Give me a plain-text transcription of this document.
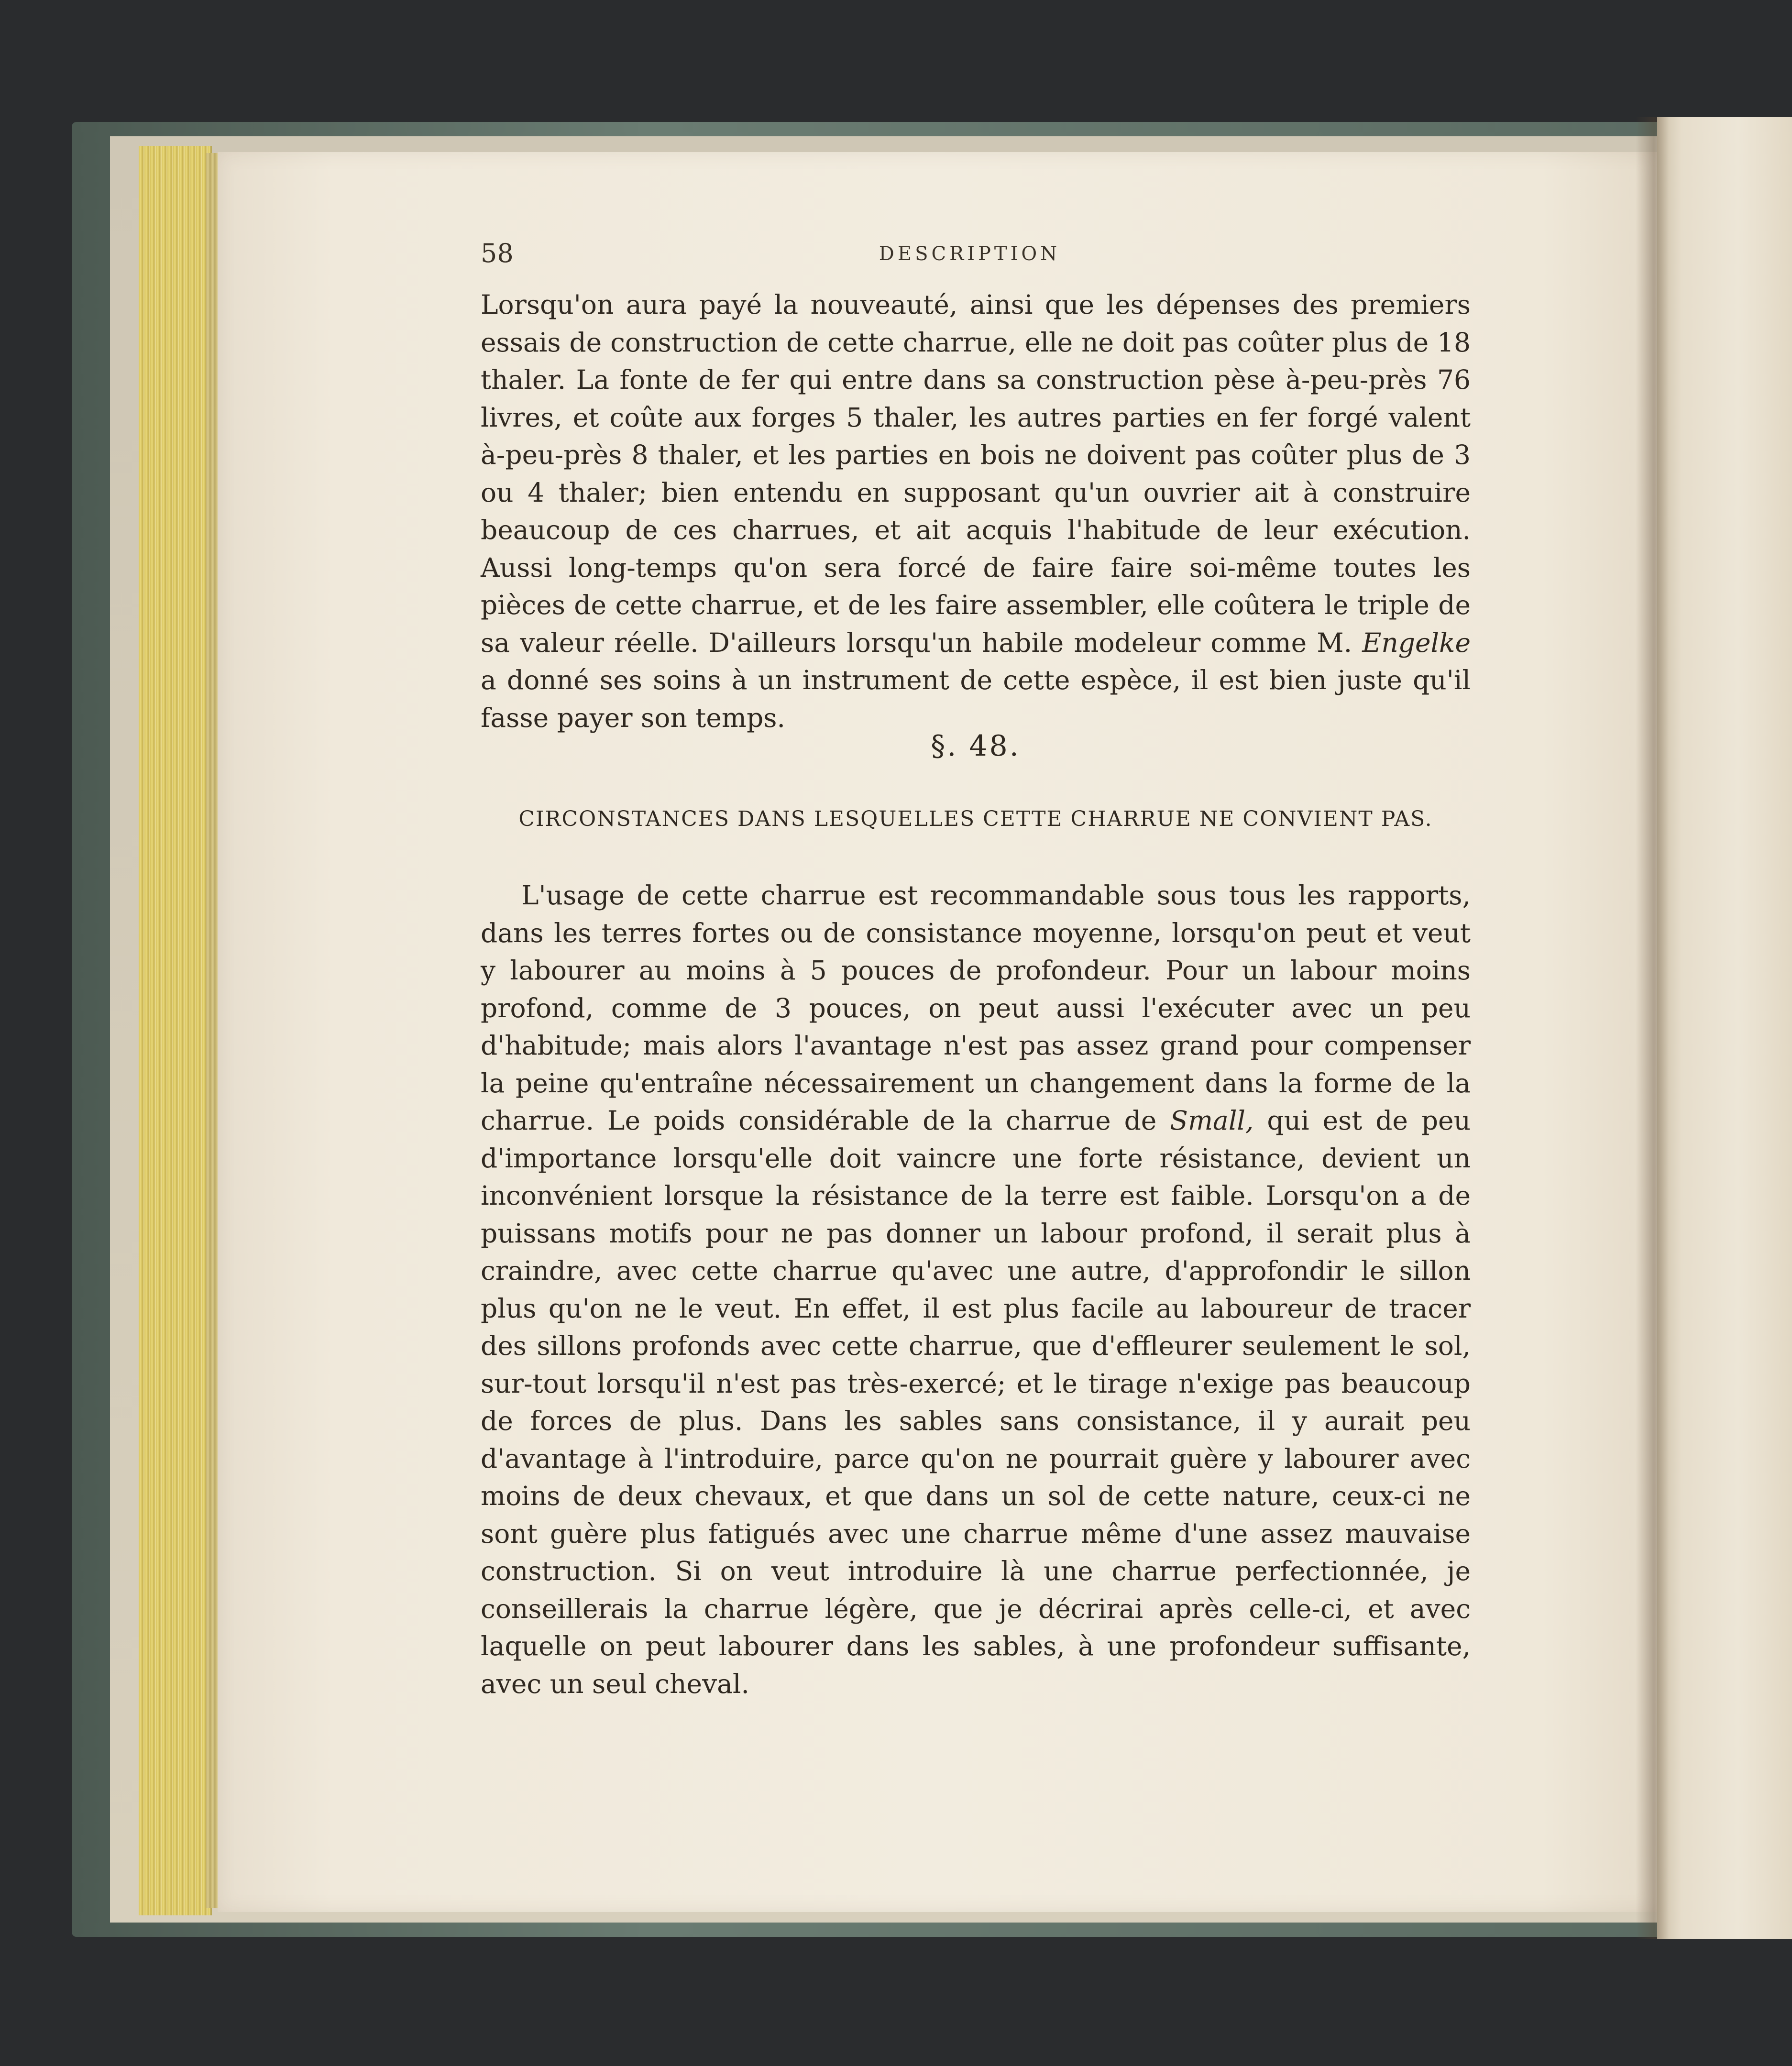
58	DESCRIPTION

Lorsqu'on aura payé la nouveauté, ainsi que les dépenses des premiers essais de construction de cette charrue, elle ne doit pas coûter plus de 18 thaler. La fonte de fer qui entre dans sa construction pèse à-peu-près 76 livres, et coûte aux forges 5 thaler, les autres parties en fer forgé valent à-peu-près 8 thaler, et les parties en bois ne doivent pas coûter plus de 3 ou 4 thaler; bien entendu en supposant qu'un ouvrier ait à construire beaucoup de ces charrues, et ait acquis l'habitude de leur exécution. Aussi long-temps qu'on sera forcé de faire faire soi-même toutes les pièces de cette charrue, et de les faire assembler, elle coûtera le triple de sa valeur réelle. D'ailleurs lorsqu'un habile modeleur comme M. Engelke a donné ses soins à un instrument de cette espèce, il est bien juste qu'il fasse payer son temps.

§. 48.
CIRCONSTANCES DANS LESQUELLES CETTE CHARRUE NE CONVIENT PAS.

L'usage de cette charrue est recommandable sous tous les rapports, dans les terres fortes ou de consistance moyenne, lorsqu'on peut et veut y labourer au moins à 5 pouces de profondeur. Pour un labour moins profond, comme de 3 pouces, on peut aussi l'exécuter avec un peu d'habitude; mais alors l'avantage n'est pas assez grand pour compenser la peine qu'entraîne nécessairement un changement dans la forme de la charrue. Le poids considérable de la charrue de Small, qui est de peu d'importance lorsqu'elle doit vaincre une forte résistance, devient un inconvénient lorsque la résistance de la terre est faible. Lorsqu'on a de puissans motifs pour ne pas donner un labour profond, il serait plus à craindre, avec cette charrue qu'avec une autre, d'approfondir le sillon plus qu'on ne le veut. En effet, il est plus facile au laboureur de tracer des sillons profonds avec cette charrue, que d'effleurer seulement le sol, sur-tout lorsqu'il n'est pas très-exercé; et le tirage n'exige pas beaucoup de forces de plus. Dans les sables sans consistance, il y aurait peu d'avantage à l'introduire, parce qu'on ne pourrait guère y labourer avec moins de deux chevaux, et que dans un sol de cette nature, ceux-ci ne sont guère plus fatigués avec une charrue même d'une assez mauvaise construction. Si on veut introduire là une charrue perfectionnée, je conseillerais la charrue légère, que je décrirai après celle-ci, et avec laquelle on peut labourer dans les sables, à une profondeur suffisante, avec un seul cheval.
